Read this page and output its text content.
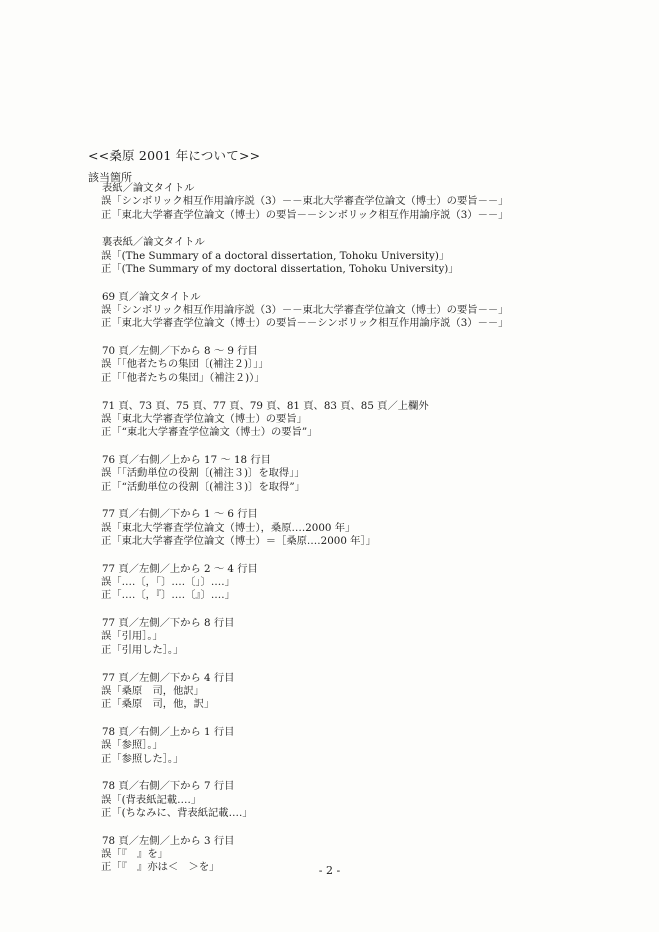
<<桑原 2001 年について>>
該当箇所
表紙／論文タイトル
誤「シンボリック相互作用論序説（3）－－東北大学審査学位論文（博士）の要旨－－」
正「東北大学審査学位論文（博士）の要旨－－シンボリック相互作用論序説（3）－－」
裏表紙／論文タイトル
誤「(The Summary of a doctoral dissertation, Tohoku University)」
正「(The Summary of my doctoral dissertation, Tohoku University)」
69 頁／論文タイトル
誤「シンボリック相互作用論序説（3）－－東北大学審査学位論文（博士）の要旨－－」
正「東北大学審査学位論文（博士）の要旨－－シンボリック相互作用論序説（3）－－」
70 頁／左側／下から 8 ～ 9 行目
誤「｢他者たちの集団〔(補注２)〕｣」
正「｢他者たちの集団｣（補注２)）」
71 頁、73 頁、75 頁、77 頁、79 頁、81 頁、83 頁、85 頁／上欄外
誤「東北大学審査学位論文（博士）の要旨」
正「“東北大学審査学位論文（博士）の要旨”」
76 頁／右側／上から 17 ～ 18 行目
誤「｢活動単位の役割〔(補注３)〕を取得｣」
正「“活動単位の役割〔(補注３)〕を取得”」
77 頁／右側／下から 1 ～ 6 行目
誤「東北大学審査学位論文（博士），桑原‥‥2000 年」
正「東北大学審査学位論文（博士）＝［桑原‥‥2000 年］」
77 頁／左側／上から 2 ～ 4 行目
誤「‥‥〔，｢〕‥‥〔｣〕‥‥」
正「‥‥〔，『〕‥‥〔』〕‥‥」
77 頁／左側／下から 8 行目
誤「引用］。」
正「引用した］。」
77 頁／左側／下から 4 行目
誤「桑原　司，他訳」
正「桑原　司，他，訳」
78 頁／右側／上から 1 行目
誤「参照］。」
正「参照した］。」
78 頁／右側／下から 7 行目
誤「(背表紙記載‥‥」
正「(ちなみに、背表紙記載‥‥」
78 頁／左側／上から 3 行目
誤「『　』を」
正「『　』亦は＜　＞を」	- 2 -
